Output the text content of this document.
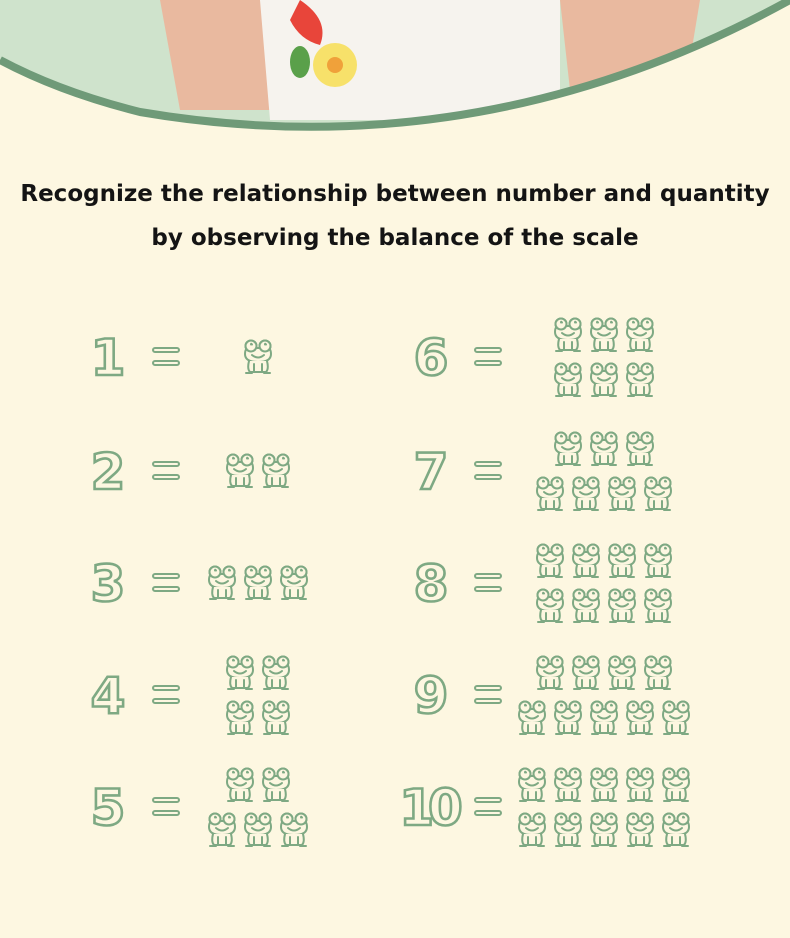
Recognize the relationship between number and quantity
by observing the balance of the scale
1
2
3
4
5
6
7
8
9
10
